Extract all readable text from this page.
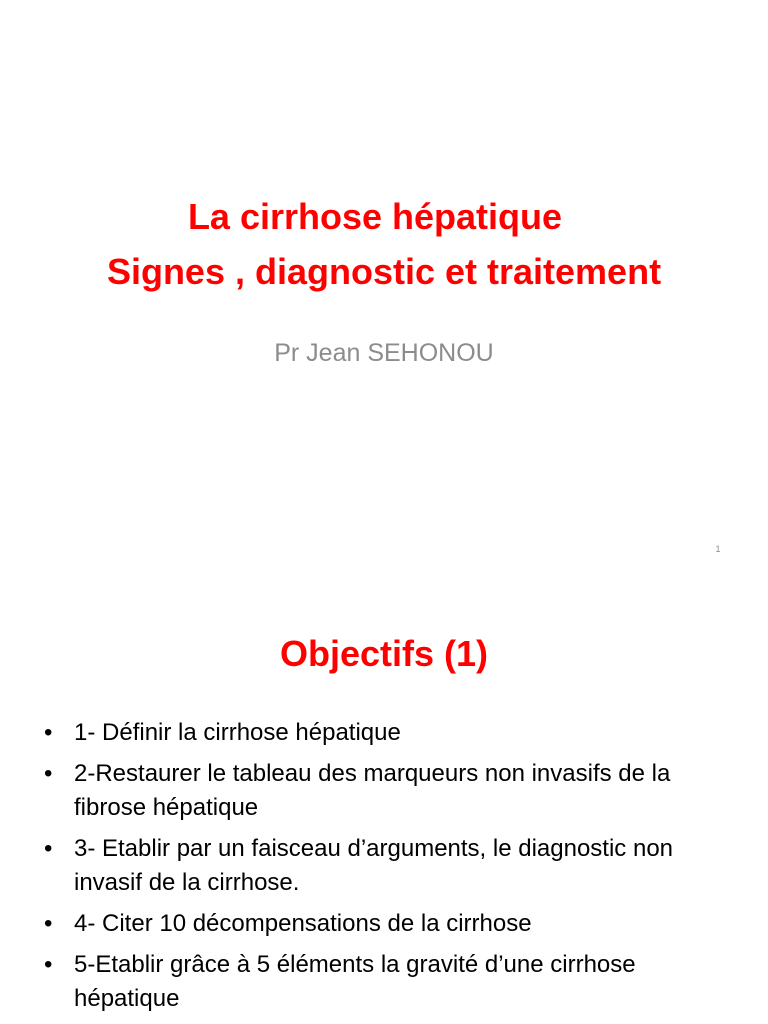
La cirrhose hépatique
Signes , diagnostic et traitement
Pr Jean SEHONOU
1
Objectifs (1)
• 1- Définir la cirrhose hépatique
• 2-Restaurer le tableau des marqueurs non invasifs de la fibrose hépatique
• 3- Etablir par un faisceau d’arguments, le diagnostic non invasif de la cirrhose.
• 4- Citer 10 décompensations de la cirrhose
• 5-Etablir grâce à 5 éléments la gravité d’une cirrhose hépatique
